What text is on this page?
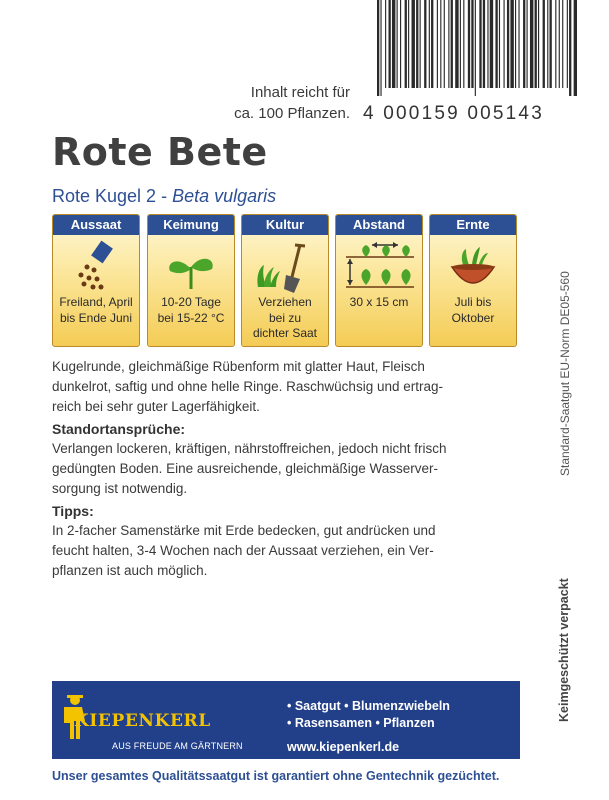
4 000159 005143
Inhalt reicht für
ca. 100 Pflanzen.
Rote Bete
Rote Kugel 2 - Beta vulgaris
Aussaat
Freiland, April
bis Ende Juni
Keimung
10-20 Tage
bei 15-22 °C
Kultur
Verziehen
bei zu
dichter Saat
Abstand
30 x 15 cm
Ernte
Juli bis
Oktober
Kugelrunde, gleichmäßige Rübenform mit glatter Haut, Fleisch
dunkelrot, saftig und ohne helle Ringe. Raschwüchsig und ertrag-
reich bei sehr guter Lagerfähigkeit.
Standortansprüche:
Verlangen lockeren, kräftigen, nährstoffreichen, jedoch nicht frisch
gedüngten Boden. Eine ausreichende, gleichmäßige Wasserver-
sorgung ist notwendig.
Tipps:
In 2-facher Samenstärke mit Erde bedecken, gut andrücken und
feucht halten, 3-4 Wochen nach der Aussaat verziehen, ein Ver-
pflanzen ist auch möglich.
Standard-Saatgut EU-Norm DE05-560
Keimgeschützt verpackt
KIEPENKERL
AUS FREUDE AM GÄRTNERN
• Saatgut • Blumenzwiebeln
• Rasensamen • Pflanzen
www.kiepenkerl.de
Unser gesamtes Qualitätssaatgut ist garantiert ohne Gentechnik gezüchtet.
